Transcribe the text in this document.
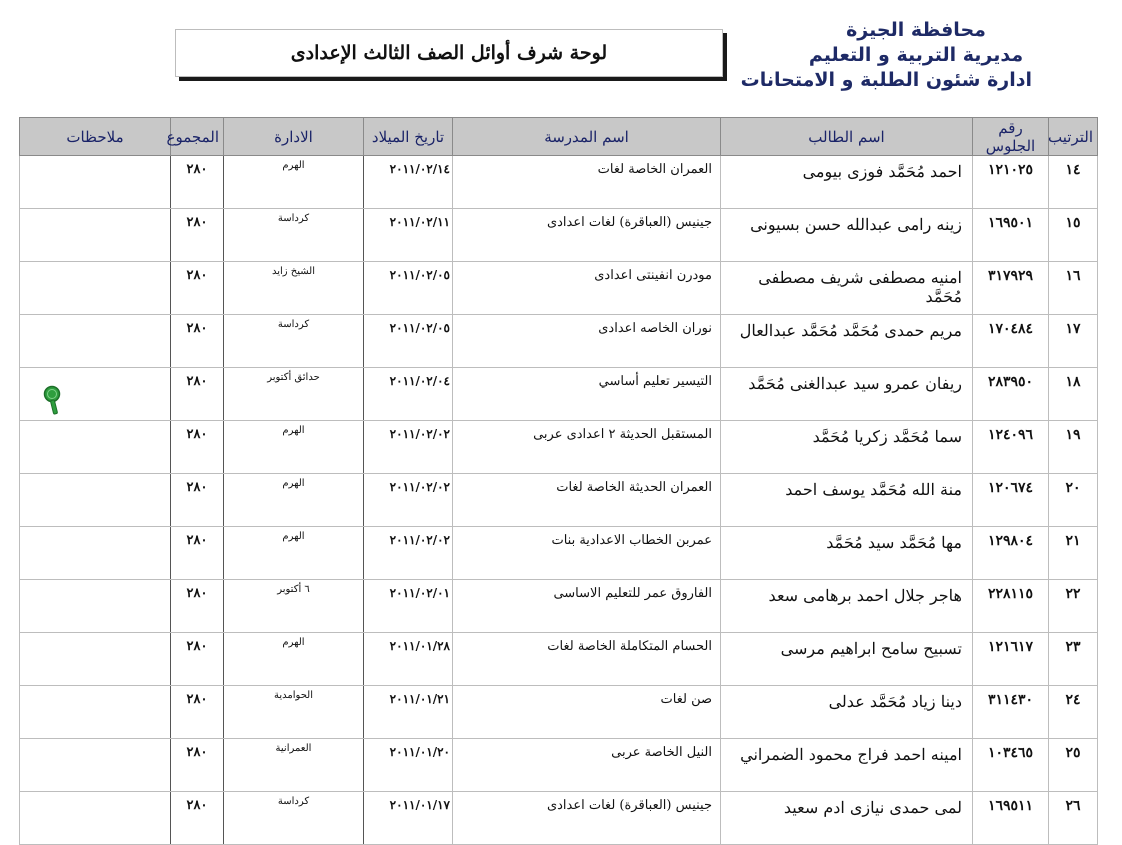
محافظة الجيزة
مديرية التربية و التعليم
ادارة شئون الطلبة و الامتحانات
لوحة شرف أوائل الصف الثالث الإعدادى
الترتيب	رقم الجلوس	اسم الطالب	اسم المدرسة	تاريخ الميلاد	الادارة	المجموع	ملاحظات
١٤	١٢١٠٢٥	احمد مُحَمَّد فوزى بيومى	العمران الخاصة لغات	٢٠١١/٠٢/١٤	الهرم	٢٨٠	
١٥	١٦٩٥٠١	زينه رامى عبدالله حسن بسيونى	جينيس (العباقرة) لغات اعدادى	٢٠١١/٠٢/١١	كرداسة	٢٨٠	
١٦	٣١٧٩٢٩	امنيه مصطفى شريف مصطفى مُحَمَّد	مودرن انفينتى اعدادى	٢٠١١/٠٢/٠٥	الشيخ زايد	٢٨٠	
١٧	١٧٠٤٨٤	مريم حمدى مُحَمَّد مُحَمَّد عبدالعال	نوران الخاصه اعدادى	٢٠١١/٠٢/٠٥	كرداسة	٢٨٠	
١٨	٢٨٣٩٥٠	ريفان عمرو سيد عبدالغنى مُحَمَّد	التيسير تعليم أساسي	٢٠١١/٠٢/٠٤	حدائق أكتوبر	٢٨٠	
١٩	١٢٤٠٩٦	سما مُحَمَّد زكريا مُحَمَّد	المستقبل الحديثة ٢ اعدادى عربى	٢٠١١/٠٢/٠٢	الهرم	٢٨٠	
٢٠	١٢٠٦٧٤	منة الله مُحَمَّد يوسف احمد	العمران الحديثة الخاصة لغات	٢٠١١/٠٢/٠٢	الهرم	٢٨٠	
٢١	١٢٩٨٠٤	مها مُحَمَّد سيد مُحَمَّد	عمربن الخطاب الاعدادية بنات	٢٠١١/٠٢/٠٢	الهرم	٢٨٠	
٢٢	٢٢٨١١٥	هاجر جلال احمد برهامى سعد	الفاروق عمر للتعليم الاساسى	٢٠١١/٠٢/٠١	٦ أكتوبر	٢٨٠	
٢٣	١٢١٦١٧	تسبيح سامح ابراهيم مرسى	الحسام المتكاملة الخاصة لغات	٢٠١١/٠١/٢٨	الهرم	٢٨٠	
٢٤	٣١١٤٣٠	دينا زياد مُحَمَّد عدلى	صن لغات	٢٠١١/٠١/٢١	الحوامدية	٢٨٠	
٢٥	١٠٣٤٦٥	امينه احمد فراج محمود الضمراني	النيل الخاصة عربى	٢٠١١/٠١/٢٠	العمرانية	٢٨٠	
٢٦	١٦٩٥١١	لمى حمدى نيازى ادم سعيد	جينيس (العباقرة) لغات اعدادى	٢٠١١/٠١/١٧	كرداسة	٢٨٠	
